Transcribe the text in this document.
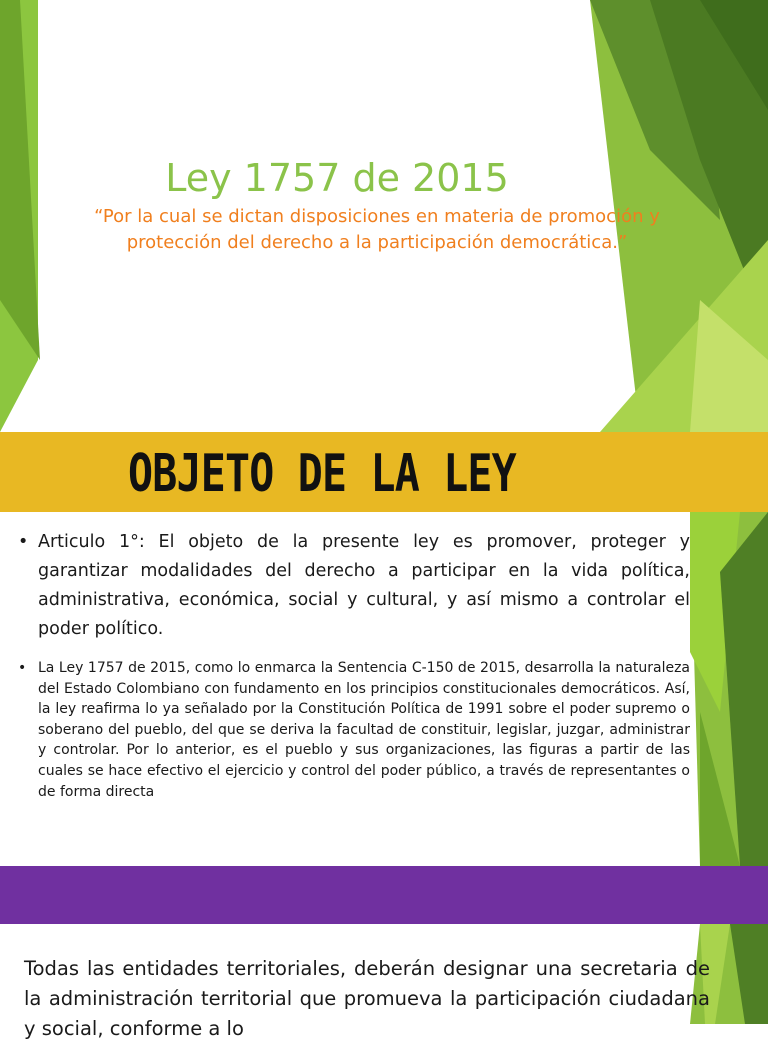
Ley 1757 de 2015

“Por la cual se dictan disposiciones en materia de promoción y protección del derecho a la participación democrática.”

OBJETO DE LA LEY
• Articulo 1°: El objeto de la presente ley es promover, proteger y garantizar modalidades del derecho a participar en la vida política, administrativa, económica, social y cultural, y así mismo a controlar el poder político.
• La Ley 1757 de 2015, como lo enmarca la Sentencia C-150 de 2015, desarrolla la naturaleza del Estado Colombiano con fundamento en los principios constitucionales democráticos. Así, la ley reafirma lo ya señalado por la Constitución Política de 1991 sobre el poder supremo o soberano del pueblo, del que se deriva la facultad de constituir, legislar, juzgar, administrar y controlar. Por lo anterior, es el pueblo y sus organizaciones, las figuras a partir de las cuales se hace efectivo el ejercicio y control del poder público, a través de representantes o de forma directa

Todas las entidades territoriales, deberán designar una secretaria de la administración territorial que promueva la participación ciudadana y social, conforme a lo
